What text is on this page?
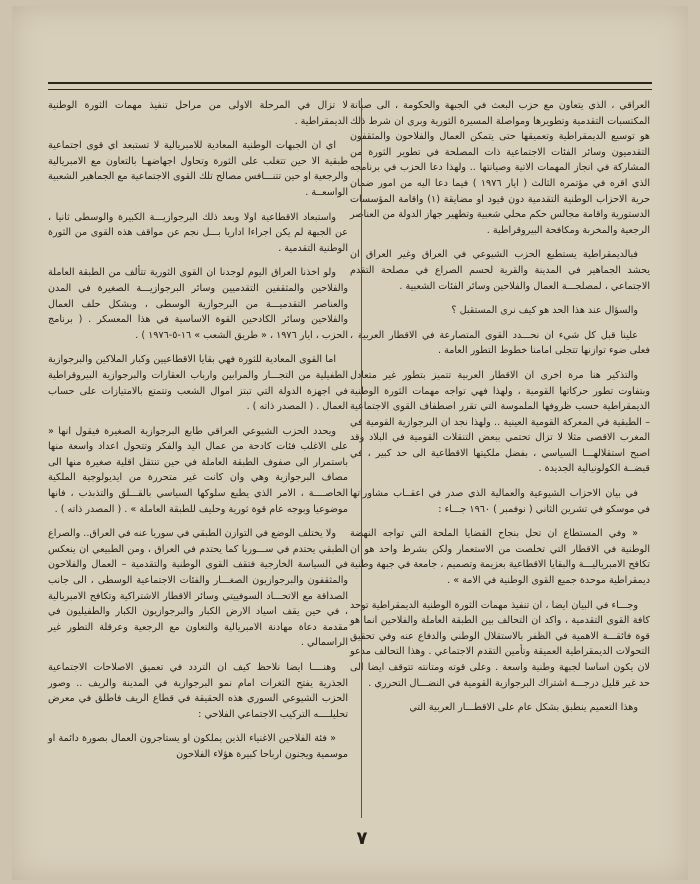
العراقي ، الذي يتعاون مع حزب البعث في الجبهة والحكومة ، الى صيانة المكتسبات التقدمية وتطويرها ومواصلة المسيرة الثورية وبرى ان شرط ذلك هو توسيع الديمقراطية وتعميقها حتى يتمكن العمال والفلاحون والمثقفون التقدميون وسائر الفئات الاجتماعية ذات المصلحة في تطوير الثورة من المشاركة في انجاز المهمات الاتية وصيانتها .. ولهذا دعا الحزب في برنامجه الذي اقره في مؤتمره الثالث ( ايار ١٩٧٦ ) فيما دعا اليه من امور ضمان حرية الاحزاب الوطنية التقدمية دون قيود او مضايقة (١) واقامة المؤسسات الدستورية واقامة مجالس حكم محلي شعبية وتطهير جهاز الدولة من العناصر الرجعية والمخربة ومكافحة البيروقراطية .

فبالديمقراطية يستطيع الحزب الشيوعي في العراق وغير العراق ان يحشد الجماهير في المدينة والقرية لحسم الصراع في مصلحة التقدم الاجتماعي ، لمصلحـــة العمال والفلاحين وسائر الفئات الشعبية .

والسؤال عند هذا الحد هو كيف نرى المستقبل ؟

علينا قبل كل شيء ان نحـــدد القوى المتصارعة في الاقطار العربية ، فعلى ضوء توازنها تتجلى امامنا خطوط التطور العامة .

والتذكير هنا مرة اخرى ان الاقطار العربية تتميز بتطور غير متعادل وبتفاوت تطور حركاتها القومية ، ولهذا فهي تواجه مهمات الثورة الوطنية الديمقراطية حسب ظروفها الملموسة التي تقرر اصطفاف القوى الاجتماعية – الطبقية في المعركة القومية العينية .. ولهذا نجد ان البرجوازية القومية في المغرب الاقصى مثلا لا تزال تحتمي ببعض التنقلات القومية في البلاد وقد اصبح استقلالهـــا السياسي ، بفضل ملكيتها الاقطاعية الى حد كبير ، في قبضــة الكولونيالية الجديدة .

في بيان الاحزاب الشيوعية والعمالية الذي صدر في اعقــاب مشاوراتها في موسكو في تشرين الثاني ( نوفمبر ) ١٩٦٠ جـــاء :

« وفي المستطاع ان تحل بنجاح القضايا الملحة التي تواجه النهضة الوطنية في الاقطار التي تخلصت من الاستعمار ولكن بشرط واحد هو ان تكافح الامبرياليـــة والبقايا الاقطاعية بعزيمة وتصميم ، جامعة في جبهة وطنية ديمقراطية موحدة جميع القوى الوطنية في الامة » .

وجـــاء في البيان ايضا ، ان تنفيذ مهمات الثورة الوطنية الديمقراطية توحد كافة القوى التقدمية ، واكد ان التحالف بين الطبقة العاملة والفلاحين انما هو قوة فائقـــة الاهمية في الظفر بالاستقلال الوطني والدفاع عنه وفي تحقيق التحولات الديمقراطية العميقة وتأمين التقدم الاجتماعي . وهذا التحالف مدعو لان يكون اساسا لجبهة وطنية واسعة . وعلى قوته ومتانته تتوقف ايضا الى حد غير قليل درجـــة اشتراك البرجوازية القومية في النضـــال التحرري .

وهذا التعميم ينطبق بشكل عام على الاقطـــار العربية التي

لا تزال في المرحلة الاولى من مراحل تنفيذ مهمات الثورة الوطنية الديمقراطية .

اي ان الجبهات الوطنية المعادية للامبريالية لا تستبعد اي قوى اجتماعية طبقية الا حين تتغلب على الثورة وتحاول اجهاضهـا بالتعاون مع الامبريالية والرجعية او حين تتنـــافس مصالح تلك القوى الاجتماعية مع الجماهير الشعبية الواسعــة .

واستبعاد الاقطاعية اولا وبعد ذلك البرجوازيـــة الكبيرة والوسطى ثانيا ، عن الجبهة لم يكن اجراءا اداريا بـــل نجم عن مواقف هذه القوى من الثورة الوطنية التقدمية .

ولو اخذنا العراق اليوم لوجدنا ان القوى الثورية تتألف من الطبقة العاملة والفلاحين والمثقفين التقدميين وسائر البرجوازيـــة الصغيرة في المدن والعناصر التقدميـــة من البرجوازية الوسطى ، وبشكل حلف العمال والفلاحين وسائر الكادحين القوة الاساسية في هذا المعسكر . ( برنامج الحزب ، ايار ١٩٧٦ ، « طريق الشعب » ١٦-٥-١٩٧٦ ) .

اما القوى المعادية للثورة فهي بقايا الاقطاعيين وكبار الملاكين والبرجوازية الطفيلية من التجـــار والمرابين وارباب العقارات والبرجوازية البيروقراطية في اجهزة الدولة التي تبتز اموال الشعب وتتمتع بالامتيازات على حساب العمال . ( المصدر ذاته ) .

ويحدد الحزب الشيوعي العراقي طابع البرجوازية الصغيرة فيقول انها « على الاغلب فئات كادحة من عمال اليد والفكر وتتحول اعداد واسعة منها باستمرار الى صفوف الطبقة العاملة في حين تنتقل اقلية صغيرة منها الى مصاف البرجوازية وهي وان كانت غير متحررة من ايديولوجية الملكية الخاصــــة ، الامر الذي يطبع سلوكها السياسي بالقـــلق والتذبذب ، فانها موضوعيا وبوجه عام قوة ثورية وحليف للطبقة العاملة » . ( المصدر ذاته ) .

ولا يختلف الوضع في التوازن الطبقي في سوريا عنه في العراق.. والصراع الطبقي يحتدم في ســـوريا كما يحتدم في العراق ، ومن الطبيعي ان ينعكس في السياسة الخارجية فتقف القوى الوطنية والتقدمية – العمال والفلاحون والمثقفون والبرجوازيون الصغـــار والفئات الاجتماعية الوسطى ، الى جانب الصداقة مع الاتحـــاد السوفييتي وسائر الاقطار الاشتراكية وتكافح الامبريالية ، في حين يقف اسياد الارض الكبار والبرجوازيون الكبار والطفيليون في مقدمة دعاة مهادنة الامبريالية والتعاون مع الرجعية وعرقلة التطور غير الراسمالي .

وهنــــا ايضا نلاحظ كيف ان التردد في تعميق الاصلاحات الاجتماعية الجذرية يفتح الثغرات امام نمو البرجوازية في المدينة والريف .. وصور الحزب الشيوعي السوري هذه الحقيقة في قطاع الريف فاطلق في معرض تحليلــــه التركيب الاجتماعي الفلاحي :

« فئة الفلاحين الاغنياء الذين يملكون او يستاجرون العمال بصورة دائمة او موسمية ويجنون ارباحا كبيرة هؤلاء الفلاحون

٧
